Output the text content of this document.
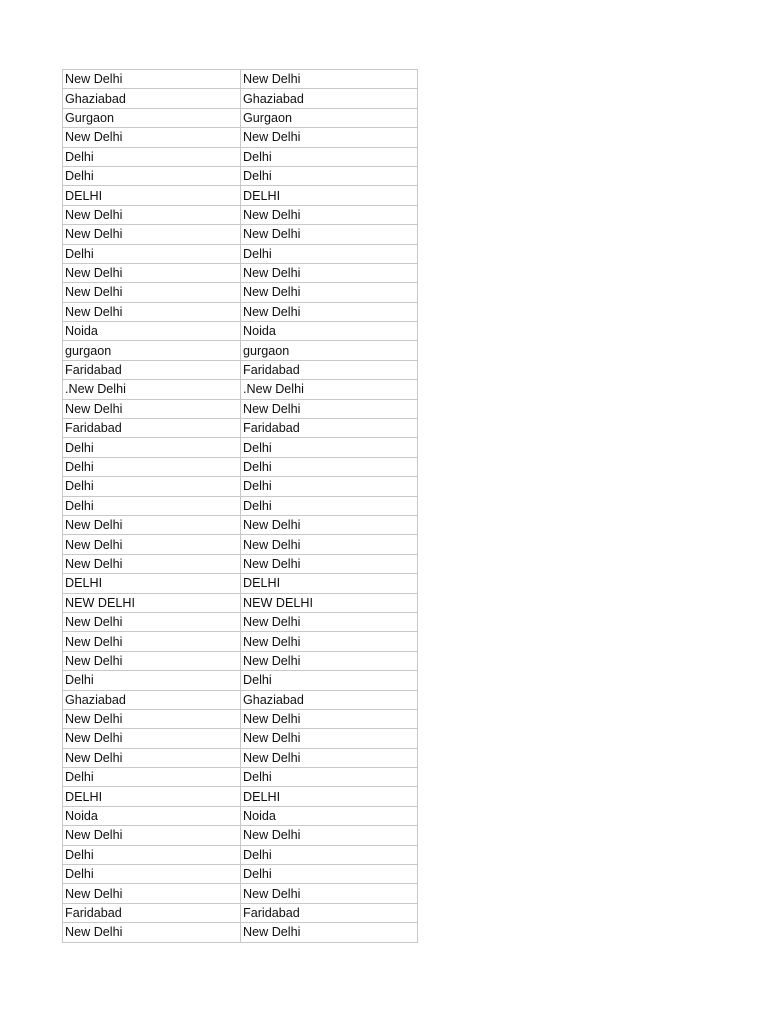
New Delhi	New Delhi
Ghaziabad	Ghaziabad
Gurgaon	Gurgaon
New Delhi	New Delhi
Delhi	Delhi
Delhi	Delhi
DELHI	DELHI
New Delhi	New Delhi
New Delhi	New Delhi
Delhi	Delhi
New Delhi	New Delhi
New Delhi	New Delhi
New Delhi	New Delhi
Noida	Noida
gurgaon	gurgaon
Faridabad	Faridabad
.New Delhi	.New Delhi
New Delhi	New Delhi
Faridabad	Faridabad
Delhi	Delhi
Delhi	Delhi
Delhi	Delhi
Delhi	Delhi
New Delhi	New Delhi
New Delhi	New Delhi
New Delhi	New Delhi
DELHI	DELHI
NEW DELHI	NEW DELHI
New Delhi	New Delhi
New Delhi	New Delhi
New Delhi	New Delhi
Delhi	Delhi
Ghaziabad	Ghaziabad
New Delhi	New Delhi
New Delhi	New Delhi
New Delhi	New Delhi
Delhi	Delhi
DELHI	DELHI
Noida	Noida
New Delhi	New Delhi
Delhi	Delhi
Delhi	Delhi
New Delhi	New Delhi
Faridabad	Faridabad
New Delhi	New Delhi
